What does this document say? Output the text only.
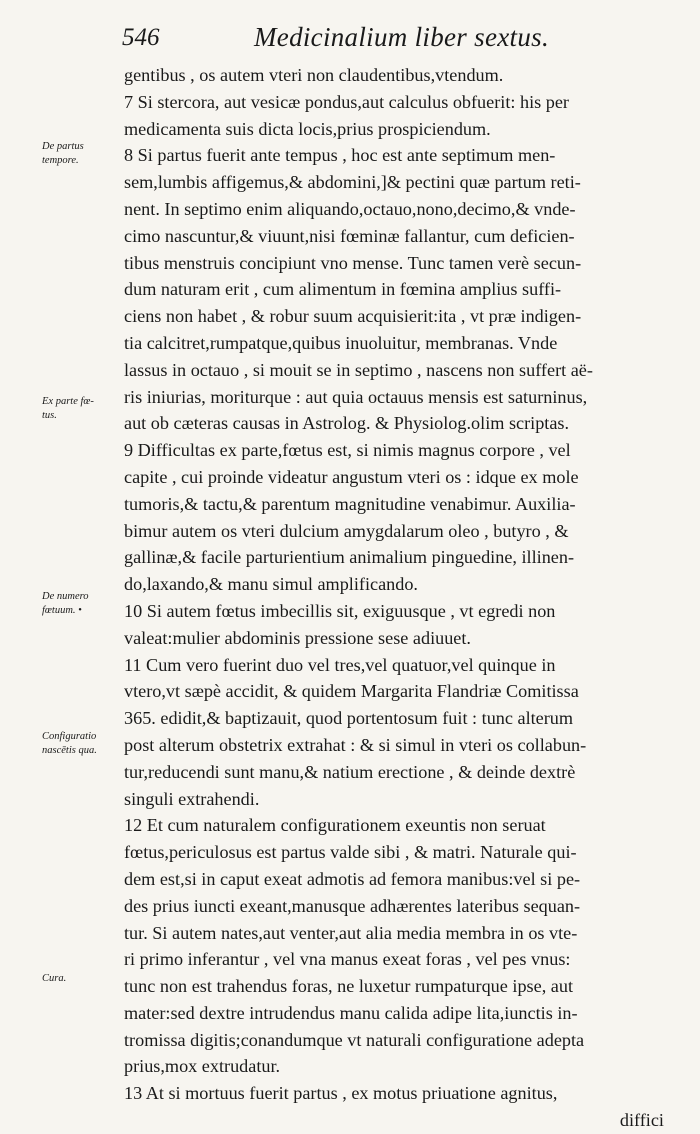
546	Medicinalium liber sextus.
De partus
tempore.
Ex parte fœ-
tus.
De numero
fœtuum. •
Configuratio
nascētis qua.
Cura.
gentibus , os autem vteri non claudentibus,vtendum.
7 Si stercora, aut vesicæ pondus,aut calculus obfuerit: his per
medicamenta suis dicta locis,prius prospiciendum.
8 Si partus fuerit ante tempus , hoc est ante septimum men-
sem,lumbis affigemus,& abdomini,]& pectini quæ partum reti-
nent. In septimo enim aliquando,octauo,nono,decimo,& vnde-
cimo nascuntur,& viuunt,nisi fœminæ fallantur, cum deficien-
tibus menstruis concipiunt vno mense. Tunc tamen verè secun-
dum naturam erit , cum alimentum in fœmina amplius suffi-
ciens non habet , & robur suum acquisierit:ita , vt præ indigen-
tia calcitret,rumpatque,quibus inuoluitur, membranas. Vnde
lassus in octauo , si mouit se in septimo , nascens non suffert aë-
ris iniurias, moriturque : aut quia octauus mensis est saturninus,
aut ob cæteras causas in Astrolog. & Physiolog.olim scriptas.
9 Difficultas ex parte,fœtus est, si nimis magnus corpore , vel
capite , cui proinde videatur angustum vteri os : idque ex mole
tumoris,& tactu,& parentum magnitudine venabimur. Auxilia-
bimur autem os vteri dulcium amygdalarum oleo , butyro , &
gallinæ,& facile parturientium animalium pinguedine, illinen-
do,laxando,& manu simul amplificando.
10 Si autem fœtus imbecillis sit, exiguusque , vt egredi non
valeat:mulier abdominis pressione sese adiuuet.
11 Cum vero fuerint duo vel tres,vel quatuor,vel quinque in
vtero,vt sæpè accidit, & quidem Margarita Flandriæ Comitissa
365. edidit,& baptizauit, quod portentosum fuit : tunc alterum
post alterum obstetrix extrahat : & si simul in vteri os collabun-
tur,reducendi sunt manu,& natium erectione , & deinde dextrè
singuli extrahendi.
12 Et cum naturalem configurationem exeuntis non seruat
fœtus,periculosus est partus valde sibi , & matri. Naturale qui-
dem est,si in caput exeat admotis ad femora manibus:vel si pe-
des prius iuncti exeant,manusque adhærentes lateribus sequan-
tur. Si autem nates,aut venter,aut alia media membra in os vte-
ri primo inferantur , vel vna manus exeat foras , vel pes vnus:
tunc non est trahendus foras, ne luxetur rumpaturque ipse, aut
mater:sed dextre intrudendus manu calida adipe lita,iunctis in-
tromissa digitis;conandumque vt naturali configuratione adepta
prius,mox extrudatur.
13 At si mortuus fuerit partus , ex motus priuatione agnitus,
diffici
